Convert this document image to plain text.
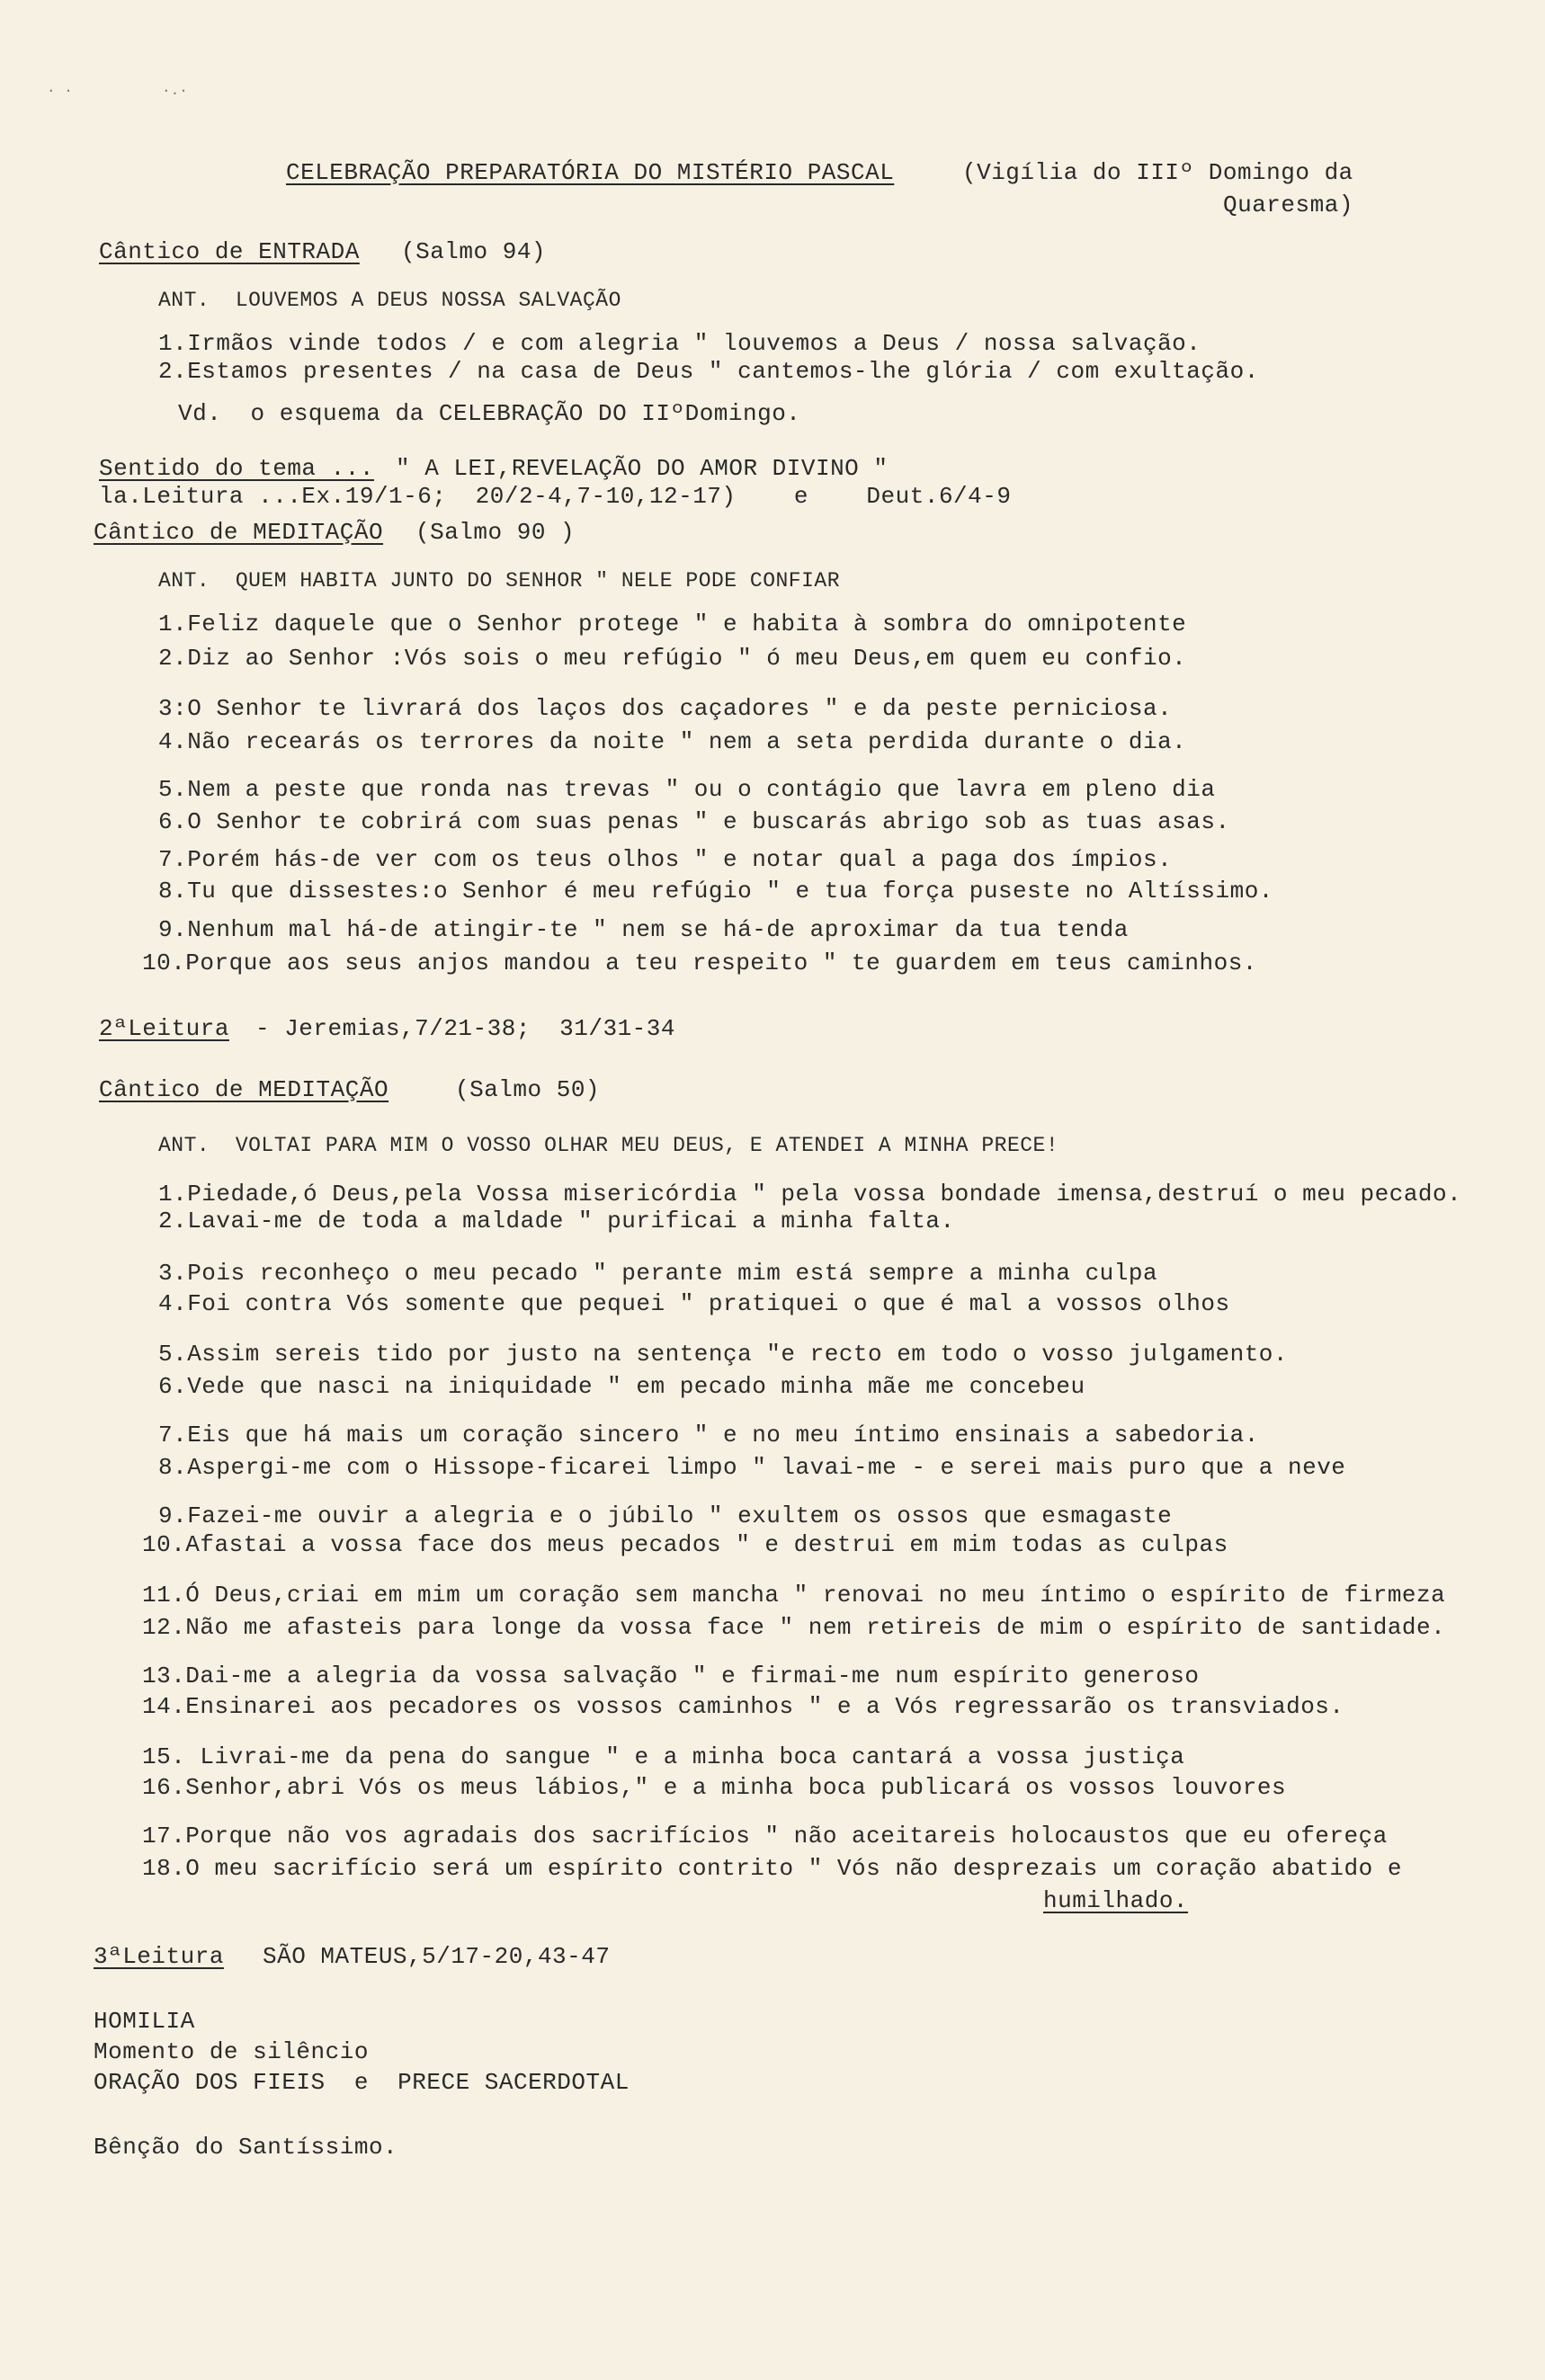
· ·	·.·
CELEBRAÇÃO PREPARATÓRIA DO MISTÉRIO PASCAL	(Vigília do IIIº Domingo da
Quaresma)
Cântico de ENTRADA (Salmo 94)
ANT.  LOUVEMOS A DEUS NOSSA SALVAÇÃO
1.Irmãos vinde todos / e com alegria " louvemos a Deus / nossa salvação.
2.Estamos presentes / na casa de Deus " cantemos-lhe glória / com exultação.
Vd.  o esquema da CELEBRAÇÃO DO IIºDomingo.
Sentido do tema ... " A LEI,REVELAÇÃO DO AMOR DIVINO "
la.Leitura ...Ex.19/1-6;  20/2-4,7-10,12-17)    e    Deut.6/4-9
Cântico de MEDITAÇÃO (Salmo 90 )
ANT.  QUEM HABITA JUNTO DO SENHOR " NELE PODE CONFIAR
1.Feliz daquele que o Senhor protege " e habita à sombra do omnipotente
2.Diz ao Senhor :Vós sois o meu refúgio " ó meu Deus,em quem eu confio.
3:O Senhor te livrará dos laços dos caçadores " e da peste perniciosa.
4.Não recearás os terrores da noite " nem a seta perdida durante o dia.
5.Nem a peste que ronda nas trevas " ou o contágio que lavra em pleno dia
6.O Senhor te cobrirá com suas penas " e buscarás abrigo sob as tuas asas.
7.Porém hás-de ver com os teus olhos " e notar qual a paga dos ímpios.
8.Tu que dissestes:o Senhor é meu refúgio " e tua força puseste no Altíssimo.
9.Nenhum mal há-de atingir-te " nem se há-de aproximar da tua tenda
10.Porque aos seus anjos mandou a teu respeito " te guardem em teus caminhos.
2ªLeitura - Jeremias,7/21-38;  31/31-34
Cântico de MEDITAÇÃO	(Salmo 50)
ANT.  VOLTAI PARA MIM O VOSSO OLHAR MEU DEUS, E ATENDEI A MINHA PRECE!
1.Piedade,ó Deus,pela Vossa misericórdia " pela vossa bondade imensa,destruí o meu pecado.
2.Lavai-me de toda a maldade " purificai a minha falta.
3.Pois reconheço o meu pecado " perante mim está sempre a minha culpa
4.Foi contra Vós somente que pequei " pratiquei o que é mal a vossos olhos
5.Assim sereis tido por justo na sentença "e recto em todo o vosso julgamento.
6.Vede que nasci na iniquidade " em pecado minha mãe me concebeu
7.Eis que há mais um coração sincero " e no meu íntimo ensinais a sabedoria.
8.Aspergi-me com o Hissope-ficarei limpo " lavai-me - e serei mais puro que a neve
9.Fazei-me ouvir a alegria e o júbilo " exultem os ossos que esmagaste
10.Afastai a vossa face dos meus pecados " e destrui em mim todas as culpas
11.Ó Deus,criai em mim um coração sem mancha " renovai no meu íntimo o espírito de firmeza
12.Não me afasteis para longe da vossa face " nem retireis de mim o espírito de santidade.
13.Dai-me a alegria da vossa salvação " e firmai-me num espírito generoso
14.Ensinarei aos pecadores os vossos caminhos " e a Vós regressarão os transviados.
15. Livrai-me da pena do sangue " e a minha boca cantará a vossa justiça
16.Senhor,abri Vós os meus lábios," e a minha boca publicará os vossos louvores
17.Porque não vos agradais dos sacrifícios " não aceitareis holocaustos que eu ofereça
18.O meu sacrifício será um espírito contrito " Vós não desprezais um coração abatido e
humilhado.
3ªLeitura SÃO MATEUS,5/17-20,43-47
HOMILIA
Momento de silêncio
ORAÇÃO DOS FIEIS  e  PRECE SACERDOTAL
Bênção do Santíssimo.
